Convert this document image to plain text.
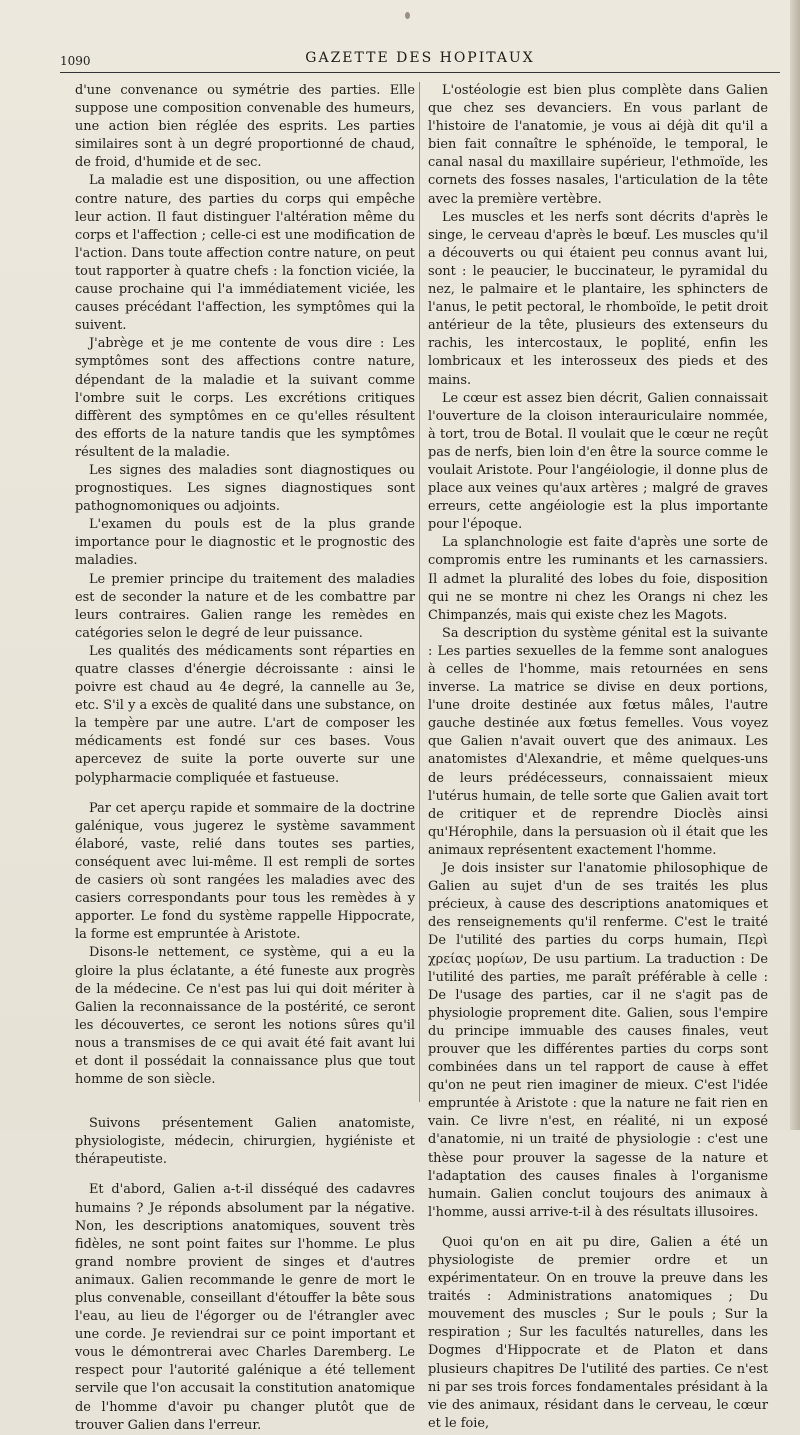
1090	GAZETTE DES HOPITAUX

d'une convenance ou symétrie des parties. Elle suppose une composition convenable des humeurs, une action bien réglée des esprits. Les parties similaires sont à un degré proportionné de chaud, de froid, d'humide et de sec.

La maladie est une disposition, ou une affection contre nature, des parties du corps qui empêche leur action. Il faut distinguer l'altération même du corps et l'affection ; celle-ci est une modification de l'action. Dans toute affection contre nature, on peut tout rapporter à quatre chefs : la fonction viciée, la cause prochaine qui l'a immédiatement viciée, les causes précédant l'affection, les symptômes qui la suivent.

J'abrège et je me contente de vous dire : Les symptômes sont des affections contre nature, dépendant de la maladie et la suivant comme l'ombre suit le corps. Les excrétions critiques diffèrent des symptômes en ce qu'elles résultent des efforts de la nature tandis que les symptômes résultent de la maladie.

Les signes des maladies sont diagnostiques ou prognostiques. Les signes diagnostiques sont pathognomoniques ou adjoints.

L'examen du pouls est de la plus grande importance pour le diagnostic et le prognostic des maladies.

Le premier principe du traitement des maladies est de seconder la nature et de les combattre par leurs contraires. Galien range les remèdes en catégories selon le degré de leur puissance.

Les qualités des médicaments sont réparties en quatre classes d'énergie décroissante : ainsi le poivre est chaud au 4e degré, la cannelle au 3e, etc. S'il y a excès de qualité dans une substance, on la tempère par une autre. L'art de composer les médicaments est fondé sur ces bases. Vous apercevez de suite la porte ouverte sur une polypharmacie compliquée et fastueuse.

Par cet aperçu rapide et sommaire de la doctrine galénique, vous jugerez le système savamment élaboré, vaste, relié dans toutes ses parties, conséquent avec lui-même. Il est rempli de sortes de casiers où sont rangées les maladies avec des casiers correspondants pour tous les remèdes à y apporter. Le fond du système rappelle Hippocrate, la forme est empruntée à Aristote.

Disons-le nettement, ce système, qui a eu la gloire la plus éclatante, a été funeste aux progrès de la médecine. Ce n'est pas lui qui doit mériter à Galien la reconnaissance de la postérité, ce seront les découvertes, ce seront les notions sûres qu'il nous a transmises de ce qui avait été fait avant lui et dont il possédait la connaissance plus que tout homme de son siècle.

Suivons présentement Galien anatomiste, physiologiste, médecin, chirurgien, hygiéniste et thérapeutiste.

Et d'abord, Galien a-t-il disséqué des cadavres humains ? Je réponds absolument par la négative. Non, les descriptions anatomiques, souvent très fidèles, ne sont point faites sur l'homme. Le plus grand nombre provient de singes et d'autres animaux. Galien recommande le genre de mort le plus convenable, conseillant d'étouffer la bête sous l'eau, au lieu de l'égorger ou de l'étrangler avec une corde. Je reviendrai sur ce point important et vous le démontrerai avec Charles Daremberg. Le respect pour l'autorité galénique a été tellement servile que l'on accusait la constitution anatomique de l'homme d'avoir pu changer plutôt que de trouver Galien dans l'erreur.

L'ostéologie est bien plus complète dans Galien que chez ses devanciers. En vous parlant de l'histoire de l'anatomie, je vous ai déjà dit qu'il a bien fait connaître le sphénoïde, le temporal, le canal nasal du maxillaire supérieur, l'ethmoïde, les cornets des fosses nasales, l'articulation de la tête avec la première vertèbre.

Les muscles et les nerfs sont décrits d'après le singe, le cerveau d'après le bœuf. Les muscles qu'il a découverts ou qui étaient peu connus avant lui, sont : le peaucier, le buccinateur, le pyramidal du nez, le palmaire et le plantaire, les sphincters de l'anus, le petit pectoral, le rhomboïde, le petit droit antérieur de la tête, plusieurs des extenseurs du rachis, les intercostaux, le poplité, enfin les lombricaux et les interosseux des pieds et des mains.

Le cœur est assez bien décrit, Galien connaissait l'ouverture de la cloison interauriculaire nommée, à tort, trou de Botal. Il voulait que le cœur ne reçût pas de nerfs, bien loin d'en être la source comme le voulait Aristote. Pour l'angéiologie, il donne plus de place aux veines qu'aux artères ; malgré de graves erreurs, cette angéiologie est la plus importante pour l'époque.

La splanchnologie est faite d'après une sorte de compromis entre les ruminants et les carnassiers. Il admet la pluralité des lobes du foie, disposition qui ne se montre ni chez les Orangs ni chez les Chimpanzés, mais qui existe chez les Magots.

Sa description du système génital est la suivante : Les parties sexuelles de la femme sont analogues à celles de l'homme, mais retournées en sens inverse. La matrice se divise en deux portions, l'une droite destinée aux fœtus mâles, l'autre gauche destinée aux fœtus femelles. Vous voyez que Galien n'avait ouvert que des animaux. Les anatomistes d'Alexandrie, et même quelques-uns de leurs prédécesseurs, connaissaient mieux l'utérus humain, de telle sorte que Galien avait tort de critiquer et de reprendre Dioclès ainsi qu'Hérophile, dans la persuasion où il était que les animaux représentent exactement l'homme.

Je dois insister sur l'anatomie philosophique de Galien au sujet d'un de ses traités les plus précieux, à cause des descriptions anatomiques et des renseignements qu'il renferme. C'est le traité De l'utilité des parties du corps humain, Περὶ χρείας μορίων, De usu partium. La traduction : De l'utilité des parties, me paraît préférable à celle : De l'usage des parties, car il ne s'agit pas de physiologie proprement dite. Galien, sous l'empire du principe immuable des causes finales, veut prouver que les différentes parties du corps sont combinées dans un tel rapport de cause à effet qu'on ne peut rien imaginer de mieux. C'est l'idée empruntée à Aristote : que la nature ne fait rien en vain. Ce livre n'est, en réalité, ni un exposé d'anatomie, ni un traité de physiologie : c'est une thèse pour prouver la sagesse de la nature et l'adaptation des causes finales à l'organisme humain. Galien conclut toujours des animaux à l'homme, aussi arrive-t-il à des résultats illusoires.

Quoi qu'on en ait pu dire, Galien a été un physiologiste de premier ordre et un expérimentateur. On en trouve la preuve dans les traités : Administrations anatomiques ; Du mouvement des muscles ; Sur le pouls ; Sur la respiration ; Sur les facultés naturelles, dans les Dogmes d'Hippocrate et de Platon et dans plusieurs chapitres De l'utilité des parties. Ce n'est ni par ses trois forces fondamentales présidant à la vie des animaux, résidant dans le cerveau, le cœur et le foie,
